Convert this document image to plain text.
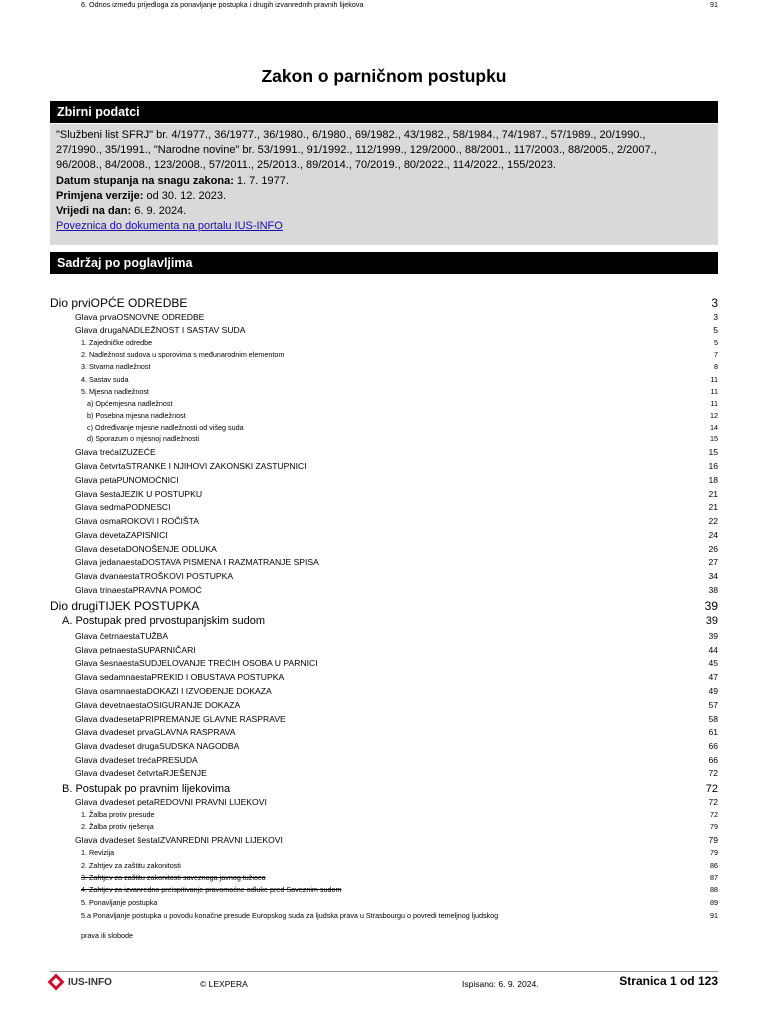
Zakon o parničnom postupku
Zbirni podatci
"Službeni list SFRJ" br. 4/1977., 36/1977., 36/1980., 6/1980., 69/1982., 43/1982., 58/1984., 74/1987., 57/1989., 20/1990.,
27/1990., 35/1991., "Narodne novine" br. 53/1991., 91/1992., 112/1999., 129/2000., 88/2001., 117/2003., 88/2005., 2/2007.,
96/2008., 84/2008., 123/2008., 57/2011., 25/2013., 89/2014., 70/2019., 80/2022., 114/2022., 155/2023.
Datum stupanja na snagu zakona: 1. 7. 1977.
Primjena verzije: od 30. 12. 2023.
Vrijedi na dan: 6. 9. 2024.
Poveznica do dokumenta na portalu IUS-INFO
Sadržaj po poglavljima
Dio prviOPĆE ODREDBE	3
Glava prvaOSNOVNE ODREDBE	3
Glava drugaNADLEŽNOST I SASTAV SUDA	5
1. Zajedničke odredbe	5
2. Nadležnost sudova u sporovima s međunarodnim elementom	7
3. Stvarna nadležnost	8
4. Sastav suda	11
5. Mjesna nadležnost	11
a) Općemjesna nadležnost	11
b) Posebna mjesna nadležnost	12
c) Određivanje mjesne nadležnosti od višeg suda	14
d) Sporazum o mjesnoj nadležnosti	15
Glava trećaIZUZEĆE	15
Glava četvrtaSTRANKE I NJIHOVI ZAKONSKI ZASTUPNICI	16
Glava petaPUNOMOĆNICI	18
Glava šestaJEZIK U POSTUPKU	21
Glava sedmaPODNESCI	21
Glava osmaROKOVI I ROČIŠTA	22
Glava devetaZAPISNICI	24
Glava desetaDONOŠENJE ODLUKA	26
Glava jedanaestaDOSTAVA PISMENA I RAZMATRANJE SPISA	27
Glava dvanaestaTROŠKOVI POSTUPKA	34
Glava trinaestaPRAVNA POMOĆ	38
Dio drugiTIJEK POSTUPKA	39
A. Postupak pred prvostupanjskim sudom	39
Glava četrnaestaTUŽBA	39
Glava petnaestaSUPARNIČARI	44
Glava šesnaestaSUDJELOVANJE TREĆIH OSOBA U PARNICI	45
Glava sedamnaestaPREKID I OBUSTAVA POSTUPKA	47
Glava osamnaestaDOKAZI I IZVOĐENJE DOKAZA	49
Glava devetnaestaOSIGURANJE DOKAZA	57
Glava dvadesetaPRIPREMANJE GLAVNE RASPRAVE	58
Glava dvadeset prvaGLAVNA RASPRAVA	61
Glava dvadeset drugaSUDSKA NAGODBA	66
Glava dvadeset trećaPRESUDA	66
Glava dvadeset četvrtaRJEŠENJE	72
B. Postupak po pravnim lijekovima	72
Glava dvadeset petaREDOVNI PRAVNI LIJEKOVI	72
1. Žalba protiv presude	72
2. Žalba protiv rješenja	79
Glava dvadeset šestaIZVANREDNI PRAVNI LIJEKOVI	79
1. Revizija	79
2. Zahtjev za zaštitu zakonitosti	86
3. Zahtjev za zaštitu zakonitosti saveznoga javnog tužioca	87
4. Zahtjev za izvanredno preispitivanje pravomoćne odluke pred Saveznim sudom	88
5. Ponavljanje postupka	89
5.a Ponavljanje postupka u povodu konačne presude Europskog suda za ljudska prava u Strasbourgu o povredi temeljnog ljudskog	91
prava ili slobode
6. Odnos između prijedloga za ponavljanje postupka i drugih izvanrednih pravnih lijekova	91
IUS-INFO	© LEXPERA	Ispisano: 6. 9. 2024.	Stranica 1 od 123
